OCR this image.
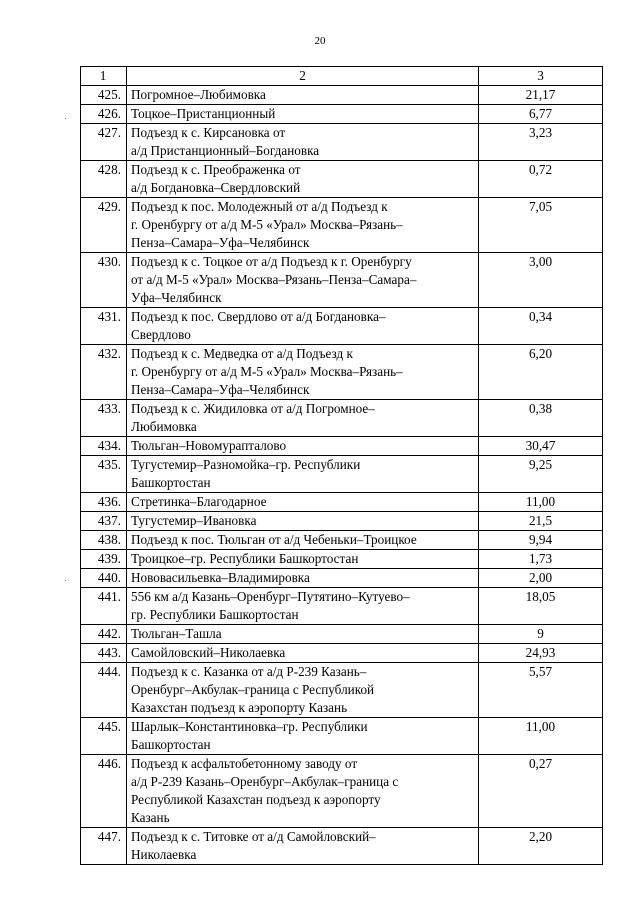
20
1	2	3
425.	Погромное–Любимовка	21,17
426.	Тоцкое–Пристанционный	6,77
427.	Подъезд к с. Кирсановка от
а/д Пристанционный–Богдановка	3,23
428.	Подъезд к с. Преображенка от
а/д Богдановка–Свердловский	0,72
429.	Подъезд к пос. Молодежный от а/д Подъезд к
г. Оренбургу от а/д М-5 «Урал» Москва–Рязань–
Пенза–Самара–Уфа–Челябинск	7,05
430.	Подъезд к с. Тоцкое от а/д Подъезд к г. Оренбургу
от а/д М-5 «Урал» Москва–Рязань–Пенза–Самара–
Уфа–Челябинск	3,00
431.	Подъезд к пос. Свердлово от а/д Богдановка–
Свердлово	0,34
432.	Подъезд к с. Медведка от а/д Подъезд к
г. Оренбургу от а/д М-5 «Урал» Москва–Рязань–
Пенза–Самара–Уфа–Челябинск	6,20
433.	Подъезд к с. Жидиловка от а/д Погромное–
Любимовка	0,38
434.	Тюльган–Новомурапталово	30,47
435.	Тугустемир–Разномойка–гр. Республики
Башкортостан	9,25
436.	Стретинка–Благодарное	11,00
437.	Тугустемир–Ивановка	21,5
438.	Подъезд к пос. Тюльган от а/д Чебеньки–Троицкое	9,94
439.	Троицкое–гр. Республики Башкортостан	1,73
440.	Нововасильевка–Владимировка	2,00
441.	556 км а/д Казань–Оренбург–Путятино–Кутуево–
гр. Республики Башкортостан	18,05
442.	Тюльган–Ташла	9
443.	Самойловский–Николаевка	24,93
444.	Подъезд к с. Казанка от а/д Р-239 Казань–
Оренбург–Акбулак–граница с Республикой
Казахстан подъезд к аэропорту Казань	5,57
445.	Шарлык–Константиновка–гр. Республики
Башкортостан	11,00
446.	Подъезд к асфальтобетонному заводу от
а/д Р-239 Казань–Оренбург–Акбулак–граница с
Республикой Казахстан подъезд к аэропорту
Казань	0,27
447.	Подъезд к с. Титовке от а/д Самойловский–
Николаевка	2,20
